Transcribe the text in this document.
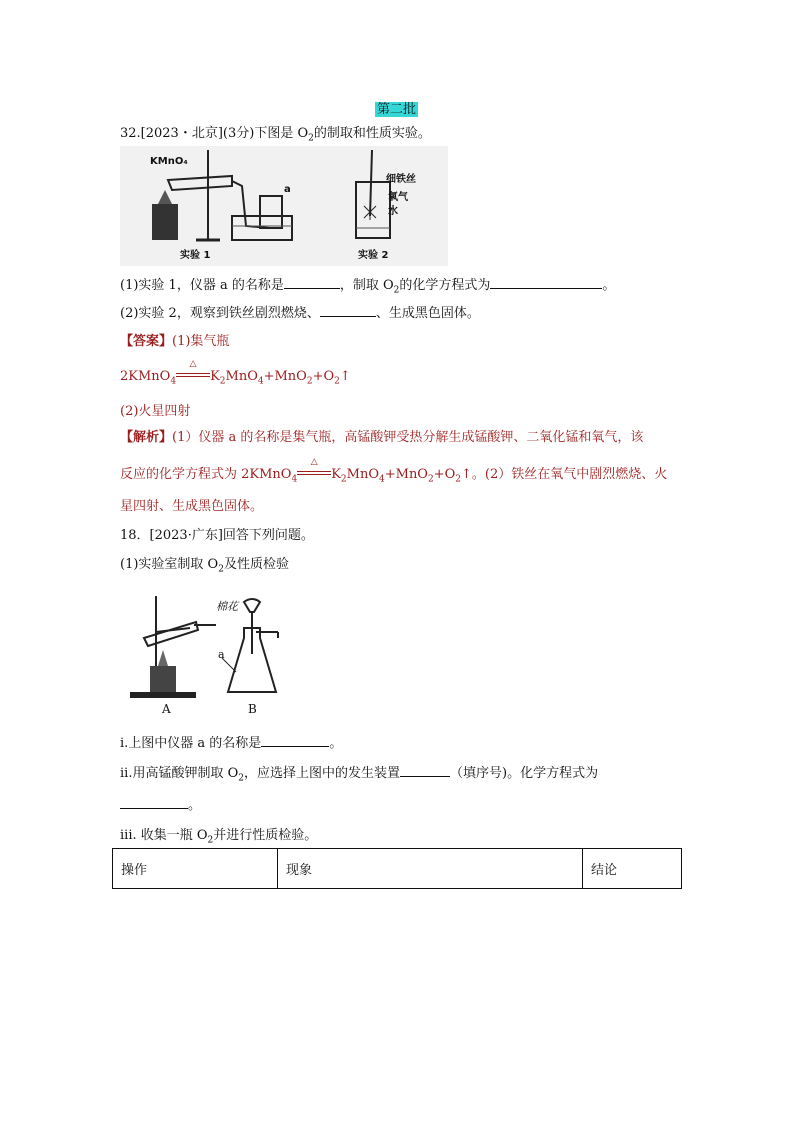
第二批
32.[2023・北京](3分)下图是 $O_2$的制取和性质实验。
KMnO₄
a
细铁丝
氧气
水
实验 1	实验 2
(1)实验 1，仪器 a 的名称是	，制取 $O_2$的化学方程式为	。
(2)实验 2，观察到铁丝剧烈燃烧、	、生成黑色固体。
【答案】(1)集气瓶
2KMnO$_4$
△
$K_2MnO_4+MnO_2+O_2↑$
(2)火星四射
【解析】(1）仪器 a 的名称是集气瓶，高锰酸钾受热分解生成锰酸钾、二氧化锰和氧气，该
反应的化学方程式为 2KMnO$_4$
△
$K_2MnO_4+MnO_2+O_2↑$。(2）铁丝在氧气中剧烈燃烧、火
星四射、生成黑色固体。
18．[2023·广东]回答下列问题。
(1)实验室制取 $O_2$及性质检验
棉花
a
A	B
i.上图中仪器 a 的名称是	。
ii.用高锰酸钾制取 $O_2$，应选择上图中的发生装置	（填序号)。化学方程式为
。
iii. 收集一瓶 $O_2$并进行性质检验。
操作	现象	结论
